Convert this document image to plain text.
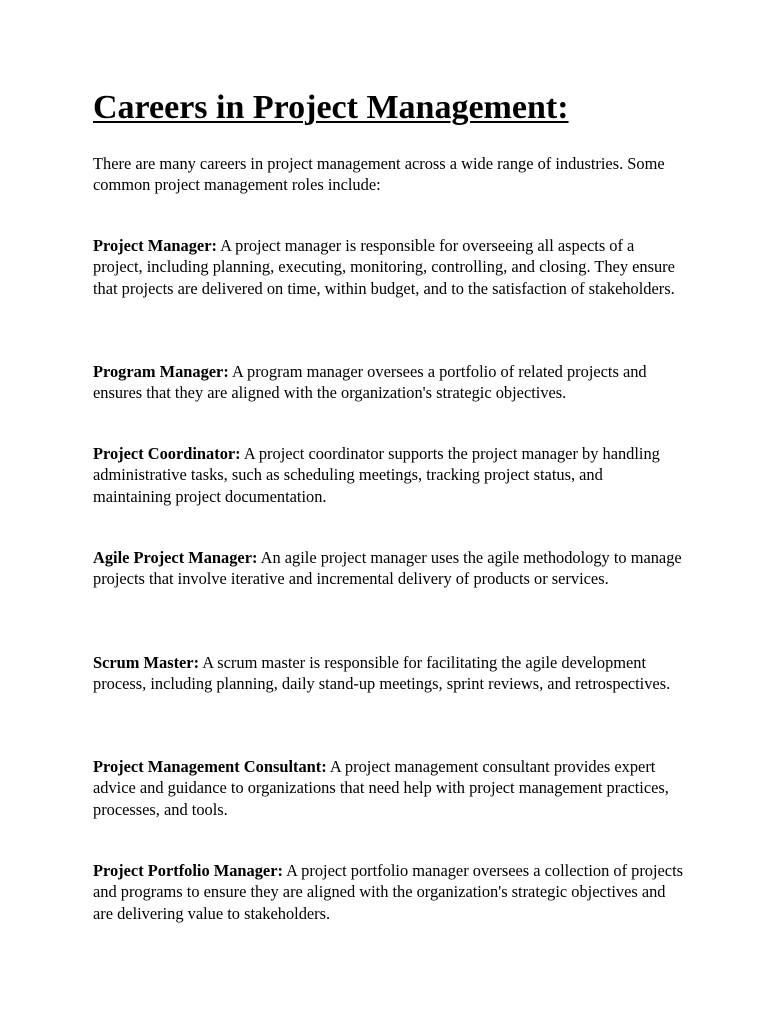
Careers in Project Management:

There are many careers in project management across a wide range of industries. Some common project management roles include:

Project Manager: A project manager is responsible for overseeing all aspects of a project, including planning, executing, monitoring, controlling, and closing. They ensure that projects are delivered on time, within budget, and to the satisfaction of stakeholders.

Program Manager: A program manager oversees a portfolio of related projects and ensures that they are aligned with the organization's strategic objectives.

Project Coordinator: A project coordinator supports the project manager by handling administrative tasks, such as scheduling meetings, tracking project status, and maintaining project documentation.

Agile Project Manager: An agile project manager uses the agile methodology to manage projects that involve iterative and incremental delivery of products or services.

Scrum Master: A scrum master is responsible for facilitating the agile development process, including planning, daily stand-up meetings, sprint reviews, and retrospectives.

Project Management Consultant: A project management consultant provides expert advice and guidance to organizations that need help with project management practices, processes, and tools.

Project Portfolio Manager: A project portfolio manager oversees a collection of projects and programs to ensure they are aligned with the organization's strategic objectives and are delivering value to stakeholders.
